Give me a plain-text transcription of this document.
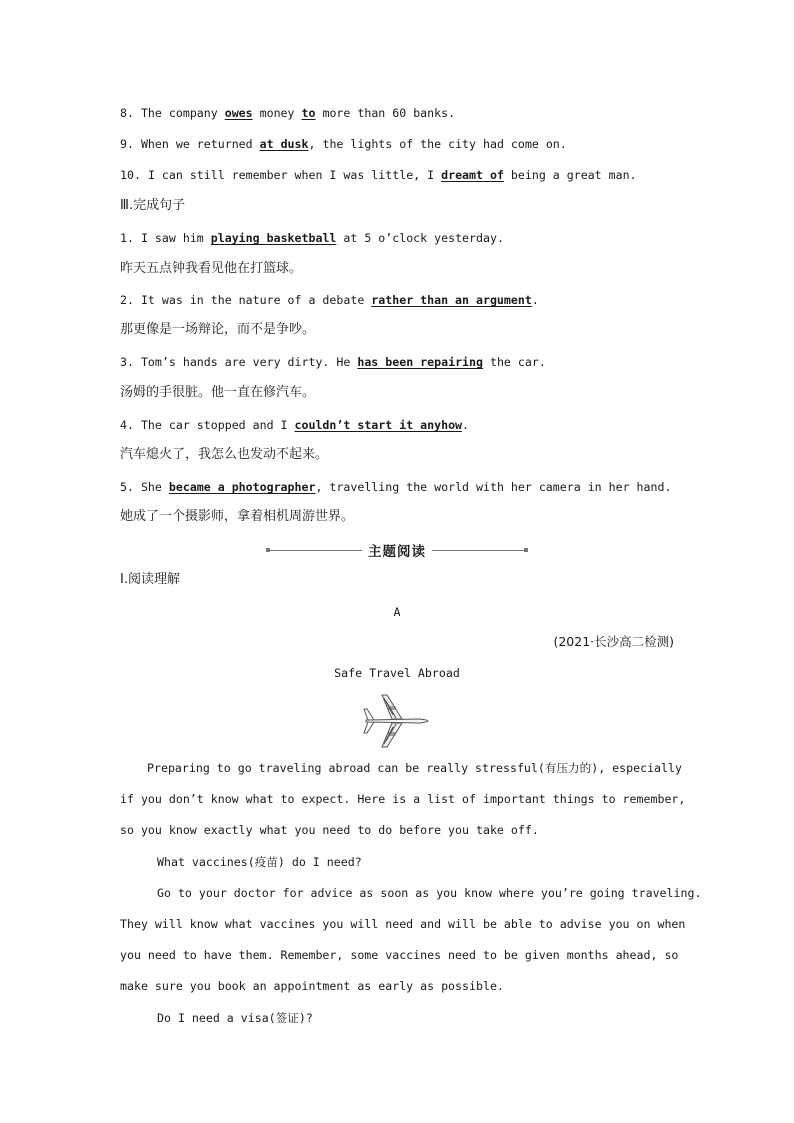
8. The company owes money to more than 60 banks.
9. When we returned at dusk, the lights of the city had come on.
10. I can still remember when I was little, I dreamt of being a great man.
Ⅲ.完成句子
1. I saw him playing basketball at 5 o’clock yesterday.
昨天五点钟我看见他在打篮球。
2. It was in the nature of a debate rather than an argument.
那更像是一场辩论，而不是争吵。
3. Tom’s hands are very dirty. He has been repairing the car.
汤姆的手很脏。他一直在修汽车。
4. The car stopped and I couldn’t start it anyhow.
汽车熄火了，我怎么也发动不起来。
5. She became a photographer, travelling the world with her camera in her hand.
她成了一个摄影师，拿着相机周游世界。
主题阅读
Ⅰ.阅读理解
A
(2021·长沙高二检测)
Safe Travel Abroad
Preparing to go traveling abroad can be really stressful(有压力的), especially
if you don’t know what to expect. Here is a list of important things to remember,
so you know exactly what you need to do before you take off.
What vaccines(疫苗) do I need?
Go to your doctor for advice as soon as you know where you’re going traveling.
They will know what vaccines you will need and will be able to advise you on when
you need to have them. Remember, some vaccines need to be given months ahead, so
make sure you book an appointment as early as possible.
Do I need a visa(签证)?
